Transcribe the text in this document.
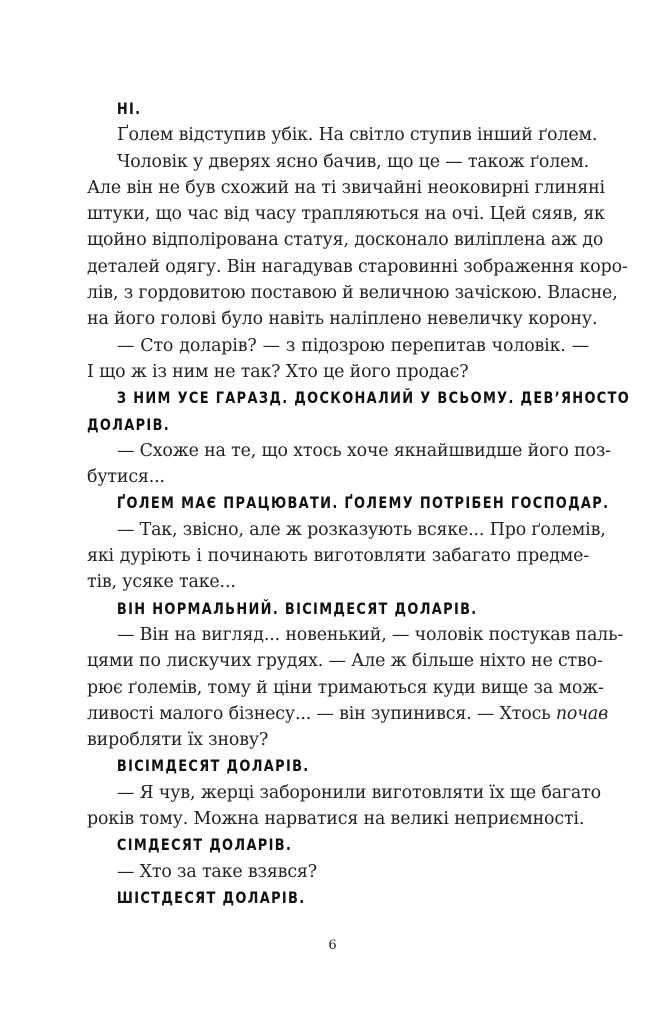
НІ.
Ґолем відступив убік. На світло ступив інший ґолем.
Чоловік у дверях ясно бачив, що це — також ґолем.
Але він не був схожий на ті звичайні неоковирні глиняні
штуки, що час від часу трапляються на очі. Цей сяяв, як
щойно відполірована статуя, досконало виліплена аж до
деталей одягу. Він нагадував старовинні зображення коро-
лів, з гордовитою поставою й величною зачіскою. Власне,
на його голові було навіть наліплено невеличку корону.
— Сто доларів? — з підозрою перепитав чоловік. —
І що ж із ним не так? Хто це його продає?
З НИМ УСЕ ГАРАЗД. ДОСКОНАЛИЙ У ВСЬОМУ. ДЕВ’ЯНОСТО
ДОЛАРІВ.
— Схоже на те, що хтось хоче якнайшвидше його поз-
бутися...
ҐОЛЕМ МАЄ ПРАЦЮВАТИ. ҐОЛЕМУ ПОТРІБЕН ГОСПОДАР.
— Так, звісно, але ж розказують всяке... Про ґолемів,
які дуріють і починають виготовляти забагато предме-
тів, усяке таке...
ВІН НОРМАЛЬНИЙ. ВІСІМДЕСЯТ ДОЛАРІВ.
— Він на вигляд... новенький, — чоловік постукав паль-
цями по лискучих грудях. — Але ж більше ніхто не ство-
рює ґолемів, тому й ціни тримаються куди вище за мож-
ливості малого бізнесу... — він зупинився. — Хтось почав
виробляти їх знову?
ВІСІМДЕСЯТ ДОЛАРІВ.
— Я чув, жерці заборонили виготовляти їх ще багато
років тому. Можна нарватися на великі неприємності.
СІМДЕСЯТ ДОЛАРІВ.
— Хто за таке взявся?
ШІСТДЕСЯТ ДОЛАРІВ.
6
